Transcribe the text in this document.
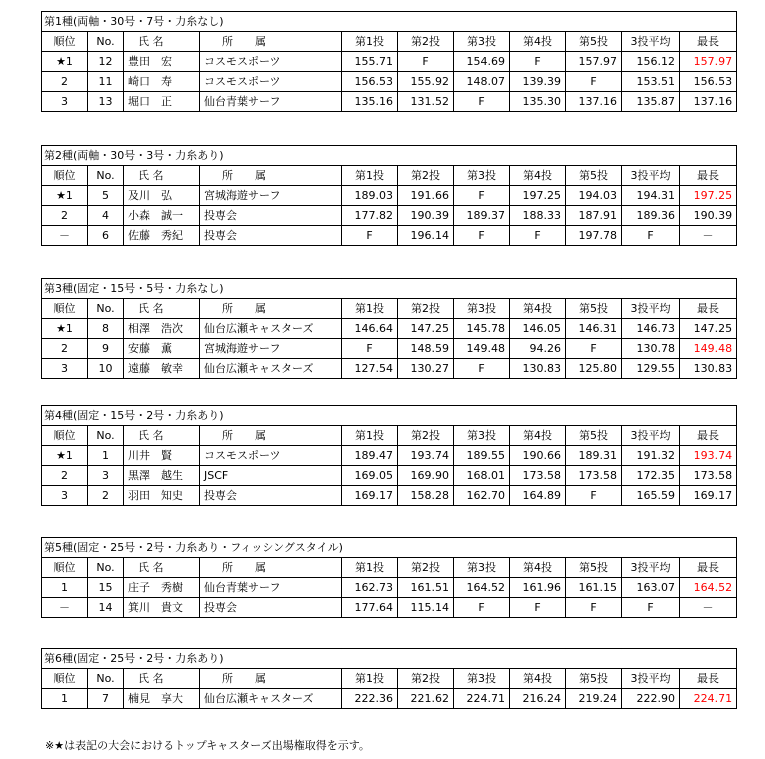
第1種(両軸・30号・7号・力糸なし)										
順位	No.	氏 名	所　　属	第1投	第2投	第3投	第4投	第5投	3投平均	最長
★1	12	豊田　宏	コスモスポーツ	155.71	F	154.69	F	157.97	156.12	157.97
2	11	崎口　寿	コスモスポーツ	156.53	155.92	148.07	139.39	F	153.51	156.53
3	13	堀口　正	仙台青葉サーフ	135.16	131.52	F	135.30	137.16	135.87	137.16
第2種(両軸・30号・3号・力糸あり)										
順位	No.	氏 名	所　　属	第1投	第2投	第3投	第4投	第5投	3投平均	最長
★1	5	及川　弘	宮城海遊サーフ	189.03	191.66	F	197.25	194.03	194.31	197.25
2	4	小森　誠一	投専会	177.82	190.39	189.37	188.33	187.91	189.36	190.39
－	6	佐藤　秀紀	投専会	F	196.14	F	F	197.78	F	－
第3種(固定・15号・5号・力糸なし)										
順位	No.	氏 名	所　　属	第1投	第2投	第3投	第4投	第5投	3投平均	最長
★1	8	相澤　浩次	仙台広瀬キャスターズ	146.64	147.25	145.78	146.05	146.31	146.73	147.25
2	9	安藤　薫	宮城海遊サーフ	F	148.59	149.48	94.26	F	130.78	149.48
3	10	遠藤　敏幸	仙台広瀬キャスターズ	127.54	130.27	F	130.83	125.80	129.55	130.83
第4種(固定・15号・2号・力糸あり)										
順位	No.	氏 名	所　　属	第1投	第2投	第3投	第4投	第5投	3投平均	最長
★1	1	川井　賢	コスモスポーツ	189.47	193.74	189.55	190.66	189.31	191.32	193.74
2	3	黒澤　越生	JSCF	169.05	169.90	168.01	173.58	173.58	172.35	173.58
3	2	羽田　知史	投専会	169.17	158.28	162.70	164.89	F	165.59	169.17
第5種(固定・25号・2号・力糸あり・フィッシングスタイル)										
順位	No.	氏 名	所　　属	第1投	第2投	第3投	第4投	第5投	3投平均	最長
1	15	庄子　秀樹	仙台青葉サーフ	162.73	161.51	164.52	161.96	161.15	163.07	164.52
－	14	箕川　貴文	投専会	177.64	115.14	F	F	F	F	－
第6種(固定・25号・2号・力糸あり)										
順位	No.	氏 名	所　　属	第1投	第2投	第3投	第4投	第5投	3投平均	最長
1	7	楠見　享大	仙台広瀬キャスターズ	222.36	221.62	224.71	216.24	219.24	222.90	224.71
※★は表記の大会におけるトップキャスターズ出場権取得を示す。
